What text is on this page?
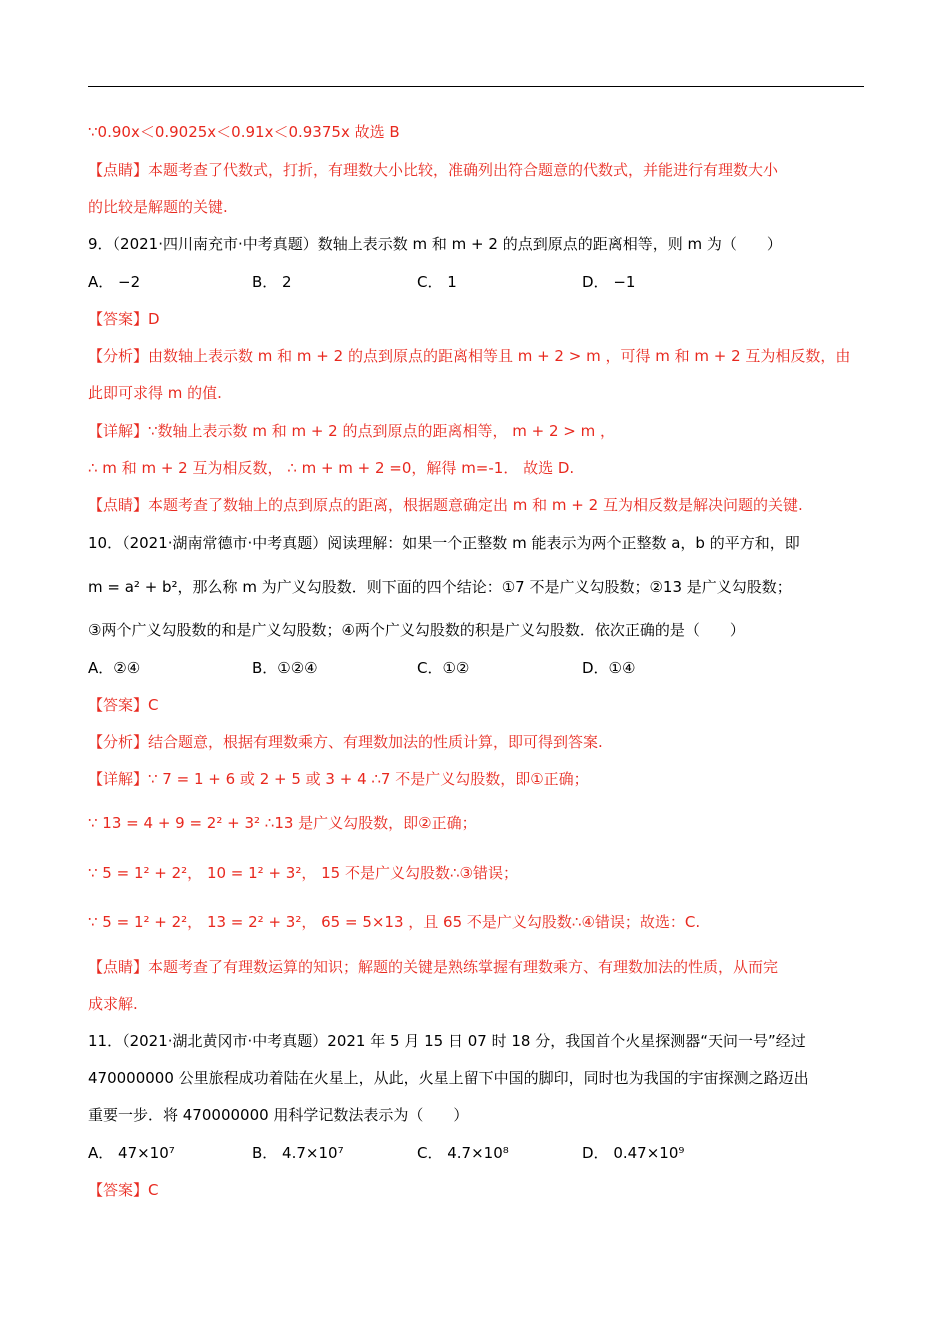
∵0.90x＜0.9025x＜0.91x＜0.9375x 故选 B
【点睛】本题考查了代数式，打折，有理数大小比较，准确列出符合题意的代数式，并能进行有理数大小
的比较是解题的关键.
9．（2021·四川南充市·中考真题）数轴上表示数 m 和 m + 2 的点到原点的距离相等，则 m 为（　　）
A． −2	B． 2	C． 1	D． −1
【答案】D
【分析】由数轴上表示数 m 和 m + 2 的点到原点的距离相等且 m + 2 > m ，可得 m 和 m + 2 互为相反数，由
此即可求得 m 的值.
【详解】∵数轴上表示数 m 和 m + 2 的点到原点的距离相等， m + 2 > m ，
∴ m 和 m + 2 互为相反数， ∴ m + m + 2 =0，解得 m=-1． 故选 D.
【点睛】本题考查了数轴上的点到原点的距离，根据题意确定出 m 和 m + 2 互为相反数是解决问题的关键.
10．（2021·湖南常德市·中考真题）阅读理解：如果一个正整数 m 能表示为两个正整数 a，b 的平方和，即
m = a² + b²，那么称 m 为广义勾股数．则下面的四个结论：①7 不是广义勾股数；②13 是广义勾股数；
③两个广义勾股数的和是广义勾股数；④两个广义勾股数的积是广义勾股数．依次正确的是（　　）
A．②④	B．①②④	C．①②	D．①④
【答案】C
【分析】结合题意，根据有理数乘方、有理数加法的性质计算，即可得到答案.
【详解】∵ 7 = 1 + 6 或 2 + 5 或 3 + 4 ∴7 不是广义勾股数，即①正确；
∵ 13 = 4 + 9 = 2² + 3² ∴13 是广义勾股数，即②正确；
∵ 5 = 1² + 2²， 10 = 1² + 3²， 15 不是广义勾股数∴③错误；
∵ 5 = 1² + 2²， 13 = 2² + 3²， 65 = 5×13 ，且 65 不是广义勾股数∴④错误；故选：C.
【点睛】本题考查了有理数运算的知识；解题的关键是熟练掌握有理数乘方、有理数加法的性质，从而完
成求解.
11．（2021·湖北黄冈市·中考真题）2021 年 5 月 15 日 07 时 18 分，我国首个火星探测器“天问一号”经过
470000000 公里旅程成功着陆在火星上，从此，火星上留下中国的脚印，同时也为我国的宇宙探测之路迈出
重要一步．将 470000000 用科学记数法表示为（　　）
A． 47×10⁷	B． 4.7×10⁷	C． 4.7×10⁸	D． 0.47×10⁹
【答案】C
